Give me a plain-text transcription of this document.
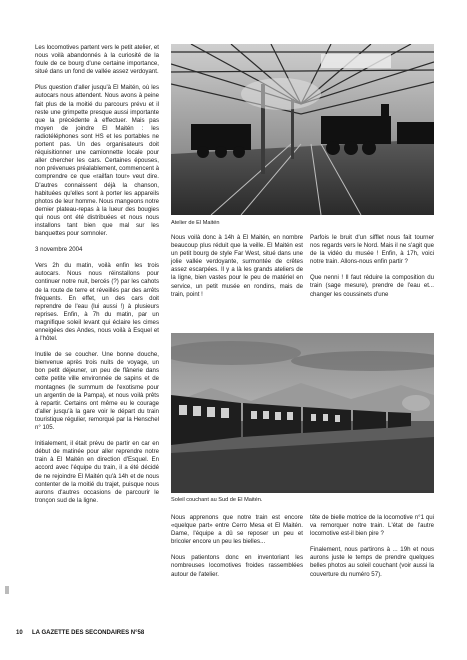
Les locomotives partent vers le petit atelier, et nous voilà abandonnés à la curiosité de la foule de ce bourg d'une certaine importance, situé dans un fond de vallée assez verdoyant.

Plus question d'aller jusqu'à El Maitén, où les autocars nous attendent. Nous avons à peine fait plus de la moitié du parcours prévu et il reste une grimpette presque aussi importante que la précédente à effectuer. Mais pas moyen de joindre El Maitén : les radiotéléphones sont HS et les portables ne portent pas. Un des organisateurs doit réquisitionner une camionnette locale pour aller chercher les cars. Certaines épouses, non prévenues préalablement, commencent à comprendre ce que «railfan tour» veut dire. D'autres connaissent déjà la chanson, habituées qu'elles sont à porter les appareils photos de leur homme. Nous mangeons notre dernier plateau-repas à la lueur des bougies qui nous ont été distribuées et nous nous installons tant bien que mal sur les banquettes pour somnoler.

3 novembre 2004

Vers 2h du matin, voilà enfin les trois autocars. Nous nous réinstallons pour continuer notre nuit, bercés (?) par les cahots de la route de terre et réveillés par des arrêts fréquents. En effet, un des cars doit reprendre de l'eau (lui aussi !) à plusieurs reprises. Enfin, à 7h du matin, par un magnifique soleil levant qui éclaire les cimes enneigées des Andes, nous voilà à Esquel et à l'hôtel.

Inutile de se coucher. Une bonne douche, bienvenue après trois nuits de voyage, un bon petit déjeuner, un peu de flânerie dans cette petite ville environnée de sapins et de montagnes (le summum de l'exotisme pour un argentin de la Pampa), et nous voilà prêts à repartir. Certains ont même eu le courage d'aller jusqu'à la gare voir le départ du train touristique régulier, remorqué par la Henschel n° 105.

Initialement, il était prévu de partir en car en début de matinée pour aller reprendre notre train à El Maitén en direction d'Esquel. En accord avec l'équipe du train, il a été décidé de ne rejoindre El Maitén qu'à 14h et de nous contenter de la moitié du trajet, puisque nous aurons d'autres occasions de parcourir le tronçon sud de la ligne.

Atelier de El Maitén

Nous voilà donc à 14h à El Maitén, en nombre beaucoup plus réduit que la veille. El Maitén est un petit bourg de style Far West, situé dans une jolie vallée verdoyante, surmontée de crêtes assez escarpées. Il y a là les grands ateliers de la ligne, bien vastes pour le peu de matériel en service, un petit musée en rondins, mais de train, point !

Parfois le bruit d'un sifflet nous fait tourner nos regards vers le Nord. Mais il ne s'agit que de la vidéo du musée ! Enfin, à 17h, voici notre train. Allons-nous enfin partir ?

Que nenni ! Il faut réduire la composition du train (sage mesure), prendre de l'eau et... changer les coussinets d'une

Soleil couchant au Sud de El Maitén.

Nous apprenons que notre train est encore «quelque part» entre Cerro Mesa et El Maitén. Dame, l'équipe a dû se reposer un peu et bricoler encore un peu les bielles...

Nous patientons donc en inventoriant les nombreuses locomotives froides rassemblées autour de l'atelier.

tête de bielle motrice de la locomotive n°1 qui va remorquer notre train. L'état de l'autre locomotive est-il bien pire ?

Finalement, nous partirons à ... 19h et nous aurons juste le temps de prendre quelques belles photos au soleil couchant (voir aussi la couverture du numéro 57).

10 LA GAZETTE DES SECONDAIRES N°58
